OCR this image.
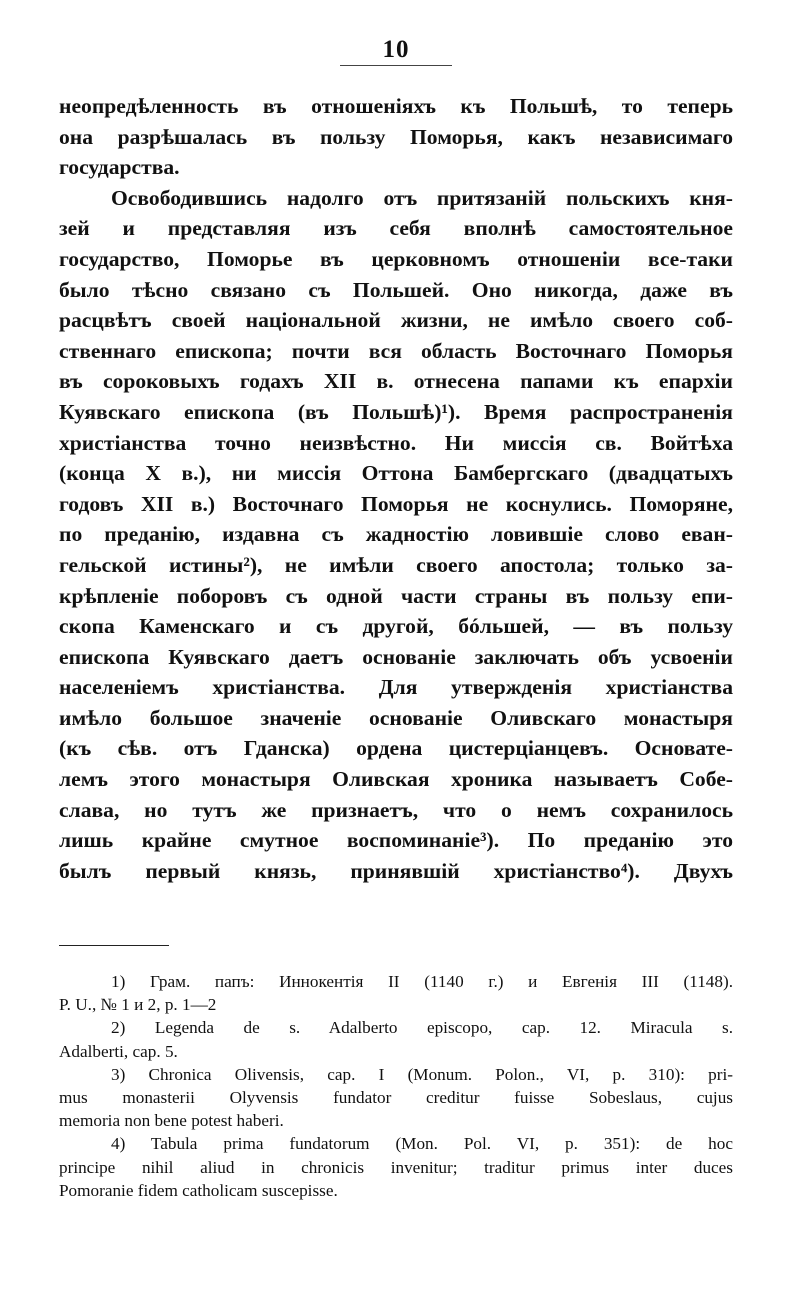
10
неопредѣленность въ отношеніяхъ къ Польшѣ, то теперь
она разрѣшалась въ пользу Поморья, какъ независимаго
государства.
Освободившись надолго отъ притязаній польскихъ кня-
зей и представляя изъ себя вполнѣ самостоятельное
государство, Поморье въ церковномъ отношеніи все-таки
было тѣсно связано съ Польшей. Оно никогда, даже въ
расцвѣтъ своей національной жизни, не имѣло своего соб-
ственнаго епископа; почти вся область Восточнаго Поморья
въ сороковыхъ годахъ XII в. отнесена папами къ епархіи
Куявскаго епископа (въ Польшѣ)¹). Время распространенія
христіанства точно неизвѣстно. Ни миссія св. Войтѣха
(конца X в.), ни миссія Оттона Бамбергскаго (двадцатыхъ
годовъ XII в.) Восточнаго Поморья не коснулись. Поморяне,
по преданію, издавна съ жадностію ловившіе слово еван-
гельской истины²), не имѣли своего апостола; только за-
крѣпленіе поборовъ съ одной части страны въ пользу епи-
скопа Каменскаго и съ другой, бóльшей, — въ пользу
епископа Куявскаго даетъ основаніе заключать объ усвоеніи
населеніемъ христіанства. Для утвержденія христіанства
имѣло большое значеніе основаніе Оливскаго монастыря
(къ сѣв. отъ Гданска) ордена цистерціанцевъ. Основате-
лемъ этого монастыря Оливская хроника называетъ Собе-
слава, но тутъ же признаетъ, что о немъ сохранилось
лишь крайне смутное воспоминаніе³). По преданію это
былъ первый князь, принявшій христіанство⁴). Двухъ
1) Грам. папъ: Иннокентія II (1140 г.) и Евгенія III (1148).
P. U., № 1 и 2, p. 1—2
2) Legenda de s. Adalberto episcopo, cap. 12. Miracula s.
Adalberti, cap. 5.
3) Chronica Olivensis, cap. I (Monum. Polon., VI, p. 310): pri-
mus monasterii Olyvensis fundator creditur fuisse Sobeslaus, cujus
memoria non bene potest haberi.
4) Tabula prima fundatorum (Mon. Pol. VI, p. 351): de hoc
principe nihil aliud in chronicis invenitur; traditur primus inter duces
Pomoranie fidem catholicam suscepisse.
